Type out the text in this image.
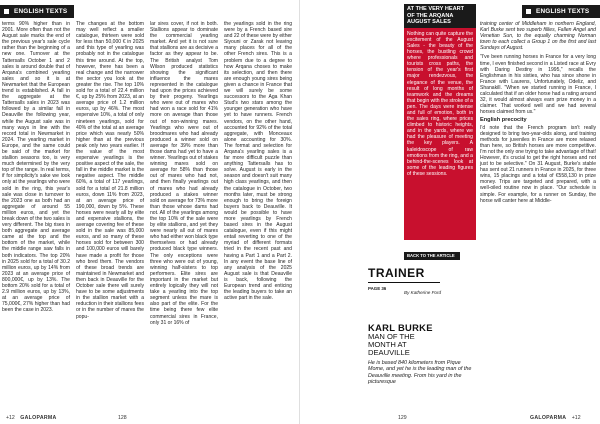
ENGLISH TEXTS

terms 90% higher than in 2001. More often than not the August sale marks the end of the previous year's sale cycle rather than the beginning of a new one. Turnover at the Tattersalls October 1 and 2 sales is around double that of Arqana's combined yearling sales and so it is at Newmarket that the European trend is established. A fall in the aggregate at the Tattersalls sales in 2023 was followed by a similar fall in Deauville the following year, while the August sale was in many ways in line with the record total in Newmarket in 2024. The yearling market in Europe, and the same could be said of the market for stallion seasons too, is very much determined by the very top of the range. In real terms, if for simplicity's sake we look only at the yearlings who were sold in the ring, this year's sale was close in turnover to the 2023 one as both had an aggregate of around 55 million euros, and yet the break down of the two sales is very different. The big rises in both aggregate and average came at the top and the bottom of the market, while the middle range saw falls in both indicators. The top 20% in 2025 sold for a total of 30.2 million euros, up by 14% from 2023 at an average price of 800,000€, up by 13%. The bottom 20% sold for a total of 2.9 million euros, up by 13%, at an average price of 75,000€, 27% higher than had been the case in 2023.

The changes at the bottom may well reflect a smaller catalogue, thirteen were sold for less than 50,000 € in 2025 and this type of yearling was probably not in the catalogue this time around. At the top, however, there has been a real change and the narrower the sector you look at the greater the rise. The top 10% sold for a total of 22.4 million €, up by 25% from 2023, at an average price of 1.2 million euros, up by 46%. The most expensive 10%, a total of only nineteen yearlings, sold for 40% of the total at an average price which was nearly 50% higher than at the previous peak only two years earlier. If the value of the most expensive yearlings is the positive aspect of the sale, the fall in the middle market is the negative aspect. The middle 60%, a total of 117 yearlings, sold for a total of 21.8 million euros, down 11% from 2023, at an average price of 190,000, down by 5%. These horses were nearly all by elite and expensive stallions, the average covering fee of these sold in the sale was 85,000 euros, and so many of these horses sold for between 300 and 100,000 euros will barely have made a profit for those who bred them. The vendors of these broad trends are maintained in Newmarket and then back in Deauville for the October sale there will surely have to be some adjustments in the stallion market with a reduction in their stallions fees or in the number of mares the popu-

lar sires cover, if not in both. Stallions appear to dominate the commercial yearling market. And yet it is not sure that stallions are as decisive a factor as they appear to be. The British analyst Tom Wilson produced statistics showing the significant influence the mares represented in the catalogue had upon the prices achieved by their progeny. Yearlings who were out of mares who had won a race sold for 41% more on average than those out of non-winning mares. Yearlings who were out of broodmares who had already produced a winner sold on average for 39% more than those dams had yet to have a winner. Yearlings out of stakes winning mares sold on average for 58% than those out of mares who had not, and then finally yearlings out of mares who had already produced a stakes winner sold on average for 73% more than those whose dams had not. All of the yearlings among the top 10% of the sale were by elite stallions, and yet they were nearly all out of mares who had either won black type themselves or had already produced black type winners. The only exceptions were three who were out of young, winning half-sisters to top performers. Elite sires are important in the market but entirely logically they will not take a yearling into the top segment unless the mare is also part of the elite. For the time being there few elite commercial sires in France, only 31 or 16% of

the yearlings sold in the ring were by a French based sire and 22 of these were by either Siyouni or Zarak not leaving many places for all of the other French sires. This is a problem due to a degree to how Arqana choses to make its selection, and then there are enough young sires being given a chance in France that we will surely be some successors to the Aga Khan Stud's two stars among the younger generation who have yet to have runners. French vendors, on the other hand, accounted for 92% of the total aggregate, with Monceaux alone accounting for 30%. The format and selection for Arqana's yearling sales is a far more difficult puzzle than anything Tattersalls has to solve. August is early in the season and doesn't suit many high class yearlings, and then the catalogue in October, two months later, must be strong enough to bring the foreign buyers back to Deauville. It would be possible to have more yearlings by French based sires in the August catalogue, even if this might entail reverting to one of the myriad of different formats tried in the recent past and having a Part 1 and a Part 2. In any event the base line of any analysis of the 2025 August sale is that Deauville is back, following the European trend and enticing the leading buyers to take an active part in the sale.

+12 GALOPARMA	128
ENGLISH TEXTS
AT THE VERY HEART OF THE ARQANA AUGUST SALES
Nothing can quite capture the excitement of the August Sales - the beauty of the horses, the bustling crowd where professionals and tourists cross paths, the tension of the year's first major rendezvous, the elegance of the venue, the result of long months of teamwork and the dreams that begin with the stroke of a pen. The days were intense and full of emotion, both in the sales ring, where prices climbed to historic heights, and in the yards, where we had the pleasure of meeting the key players. A kaleidoscope of raw emotions from the ring, and a behind-the-scenes look at some of the leading figures of these sessions.
BACK TO THE ARTICLE
TRAINER
PAGE 36
By Katherine Ford
KARL BURKE
MAN OF THE MONTH AT DEAUVILLE
He is based 840 kilometers from Pique Mome, and yet he is the leading man of the Deauville meeting. From his yard in the picturesque

training center of Middleham in northern England, Karl Burke sent two superb fillies, Fallen Angel and Venetian Sun, to the equally charming Norman town to each collect a Group 1 on the first and last Sundays of August.

"I've been running horses in France for a very long time, I even finished second in a Listed race at Evry with Daring Destiny in 1995," recalls the Englishman in his sixties, who has since shone in France with Laurens, Unfortunately, Odeliz, and Shanakill. "When we started running in France, I calculated that if an older horse had a rating around 32, it would almost always earn prize money in a claimer. That worked well and we had several horses claimed from us."

English precocity

I'd note that the French program isn't really designed to bring two-year-olds along, and training methods for juveniles in France are more relaxed than here, so British horses are more competitive. I'm not the only one trying to take advantage of that! However, it's crucial to get the right horses and not just to be selective." On 31 August, Burke's stable has sent out 21 runners in France in 2025, for three wins, 15 placings and a total of €558,130 in prize money. Trips are targeted and prepared, with a well-oiled routine now in place. "Our schedule is simple. For example, for a runner on Sunday, the horse will canter here at Middle-

129	GALOPARMA +12
